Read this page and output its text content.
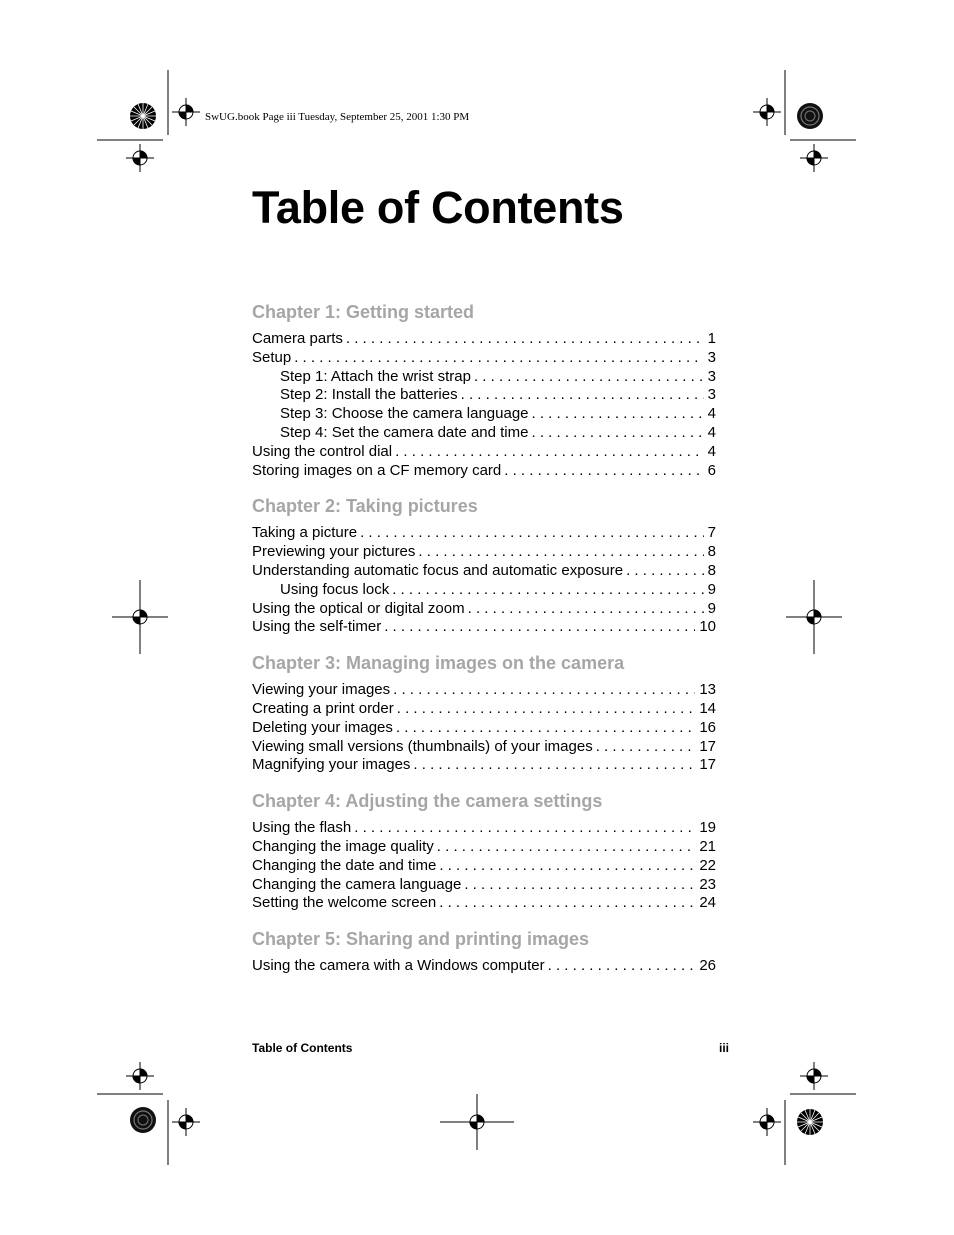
SwUG.book Page iii Tuesday, September 25, 2001 1:30 PM
Table of Contents
Chapter 1: Getting started
Camera parts . . .	1
Setup . . .	3
Step 1: Attach the wrist strap . . .	3
Step 2: Install the batteries . . .	3
Step 3: Choose the camera language . . .	4
Step 4: Set the camera date and time . . .	4
Using the control dial . . .	4
Storing images on a CF memory card . . .	6
Chapter 2: Taking pictures
Taking a picture . . .	7
Previewing your pictures . . .	8
Understanding automatic focus and automatic exposure . . .	8
Using focus lock . . .	9
Using the optical or digital zoom . . .	9
Using the self-timer . . .	10
Chapter 3: Managing images on the camera
Viewing your images . . .	13
Creating a print order . . .	14
Deleting your images . . .	16
Viewing small versions (thumbnails) of your images . . .	17
Magnifying your images . . .	17
Chapter 4: Adjusting the camera settings
Using the flash . . .	19
Changing the image quality . . .	21
Changing the date and time . . .	22
Changing the camera language . . .	23
Setting the welcome screen . . .	24
Chapter 5: Sharing and printing images
Using the camera with a Windows computer . . .	26
Table of Contents	iii
